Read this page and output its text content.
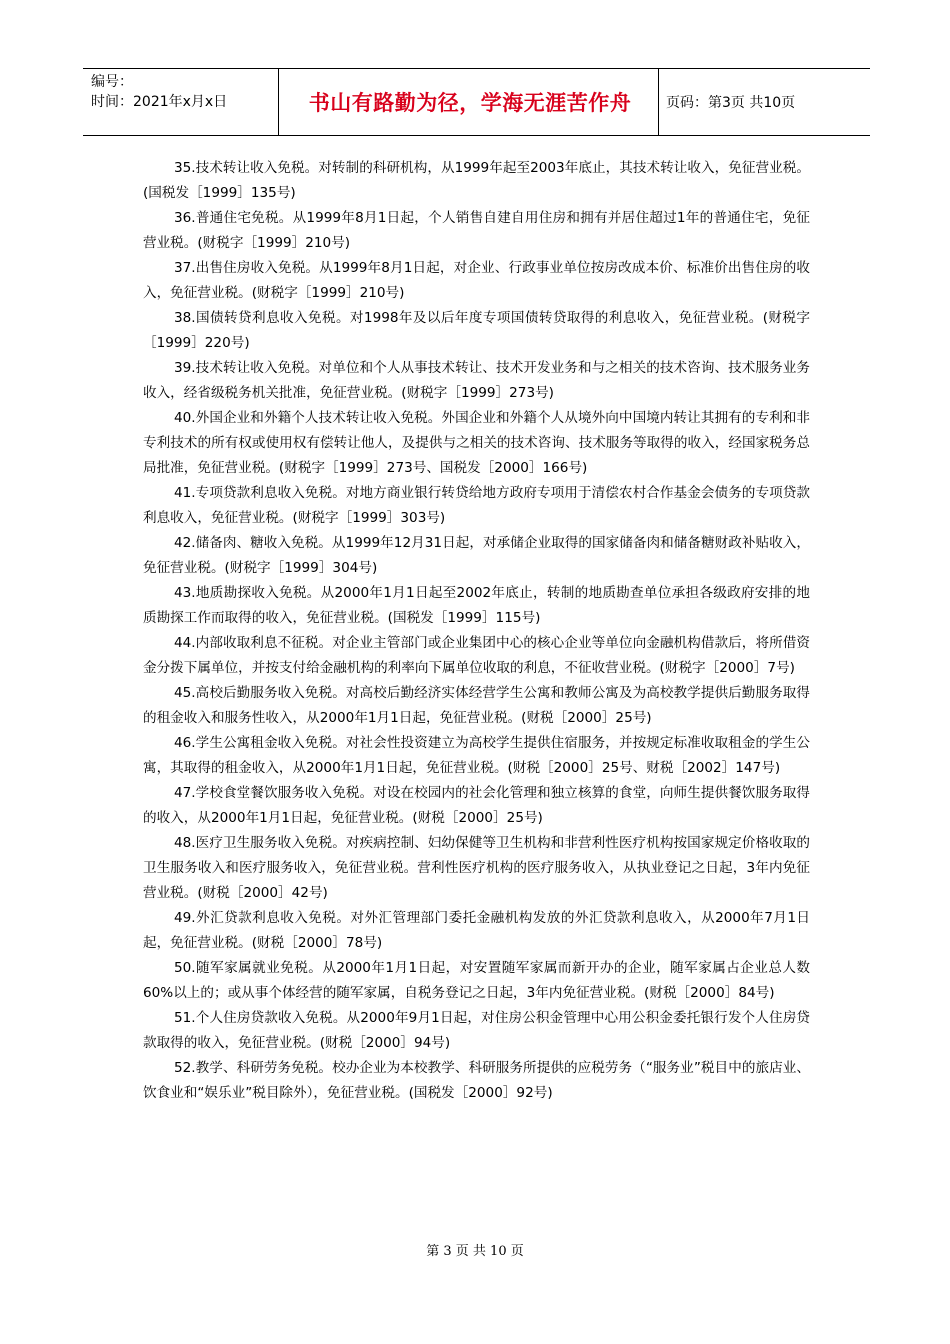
编号：
时间：2021年x月x日	书山有路勤为径，学海无涯苦作舟	页码：第3页 共10页

35.技术转让收入免税。对转制的科研机构，从1999年起至2003年底止，其技术转让收入，免征营业税。(国税发［1999］135号)

36.普通住宅免税。从1999年8月1日起，个人销售自建自用住房和拥有并居住超过1年的普通住宅，免征营业税。(财税字［1999］210号)

37.出售住房收入免税。从1999年8月1日起，对企业、行政事业单位按房改成本价、标准价出售住房的收入，免征营业税。(财税字［1999］210号)

38.国债转贷利息收入免税。对1998年及以后年度专项国债转贷取得的利息收入，免征营业税。(财税字［1999］220号)

39.技术转让收入免税。对单位和个人从事技术转让、技术开发业务和与之相关的技术咨询、技术服务业务收入，经省级税务机关批准，免征营业税。(财税字［1999］273号)

40.外国企业和外籍个人技术转让收入免税。外国企业和外籍个人从境外向中国境内转让其拥有的专利和非专利技术的所有权或使用权有偿转让他人，及提供与之相关的技术咨询、技术服务等取得的收入，经国家税务总局批准，免征营业税。(财税字［1999］273号、国税发［2000］166号)

41.专项贷款利息收入免税。对地方商业银行转贷给地方政府专项用于清偿农村合作基金会债务的专项贷款利息收入，免征营业税。(财税字［1999］303号)

42.储备肉、糖收入免税。从1999年12月31日起，对承储企业取得的国家储备肉和储备糖财政补贴收入，免征营业税。(财税字［1999］304号)

43.地质勘探收入免税。从2000年1月1日起至2002年底止，转制的地质勘查单位承担各级政府安排的地质勘探工作而取得的收入，免征营业税。(国税发［1999］115号)

44.内部收取利息不征税。对企业主管部门或企业集团中心的核心企业等单位向金融机构借款后，将所借资金分拨下属单位，并按支付给金融机构的利率向下属单位收取的利息，不征收营业税。(财税字［2000］7号)

45.高校后勤服务收入免税。对高校后勤经济实体经营学生公寓和教师公寓及为高校教学提供后勤服务取得的租金收入和服务性收入，从2000年1月1日起，免征营业税。(财税［2000］25号)

46.学生公寓租金收入免税。对社会性投资建立为高校学生提供住宿服务，并按规定标准收取租金的学生公寓，其取得的租金收入，从2000年1月1日起，免征营业税。(财税［2000］25号、财税［2002］147号)

47.学校食堂餐饮服务收入免税。对设在校园内的社会化管理和独立核算的食堂，向师生提供餐饮服务取得的收入，从2000年1月1日起，免征营业税。(财税［2000］25号)

48.医疗卫生服务收入免税。对疾病控制、妇幼保健等卫生机构和非营利性医疗机构按国家规定价格收取的卫生服务收入和医疗服务收入，免征营业税。营利性医疗机构的医疗服务收入，从执业登记之日起，3年内免征营业税。(财税［2000］42号)

49.外汇贷款利息收入免税。对外汇管理部门委托金融机构发放的外汇贷款利息收入，从2000年7月1日起，免征营业税。(财税［2000］78号)

50.随军家属就业免税。从2000年1月1日起，对安置随军家属而新开办的企业，随军家属占企业总人数60%以上的；或从事个体经营的随军家属，自税务登记之日起，3年内免征营业税。(财税［2000］84号)

51.个人住房贷款收入免税。从2000年9月1日起，对住房公积金管理中心用公积金委托银行发个人住房贷款取得的收入，免征营业税。(财税［2000］94号)

52.教学、科研劳务免税。校办企业为本校教学、科研服务所提供的应税劳务（“服务业”税目中的旅店业、饮食业和“娱乐业”税目除外），免征营业税。(国税发［2000］92号)

第 3 页 共 10 页
